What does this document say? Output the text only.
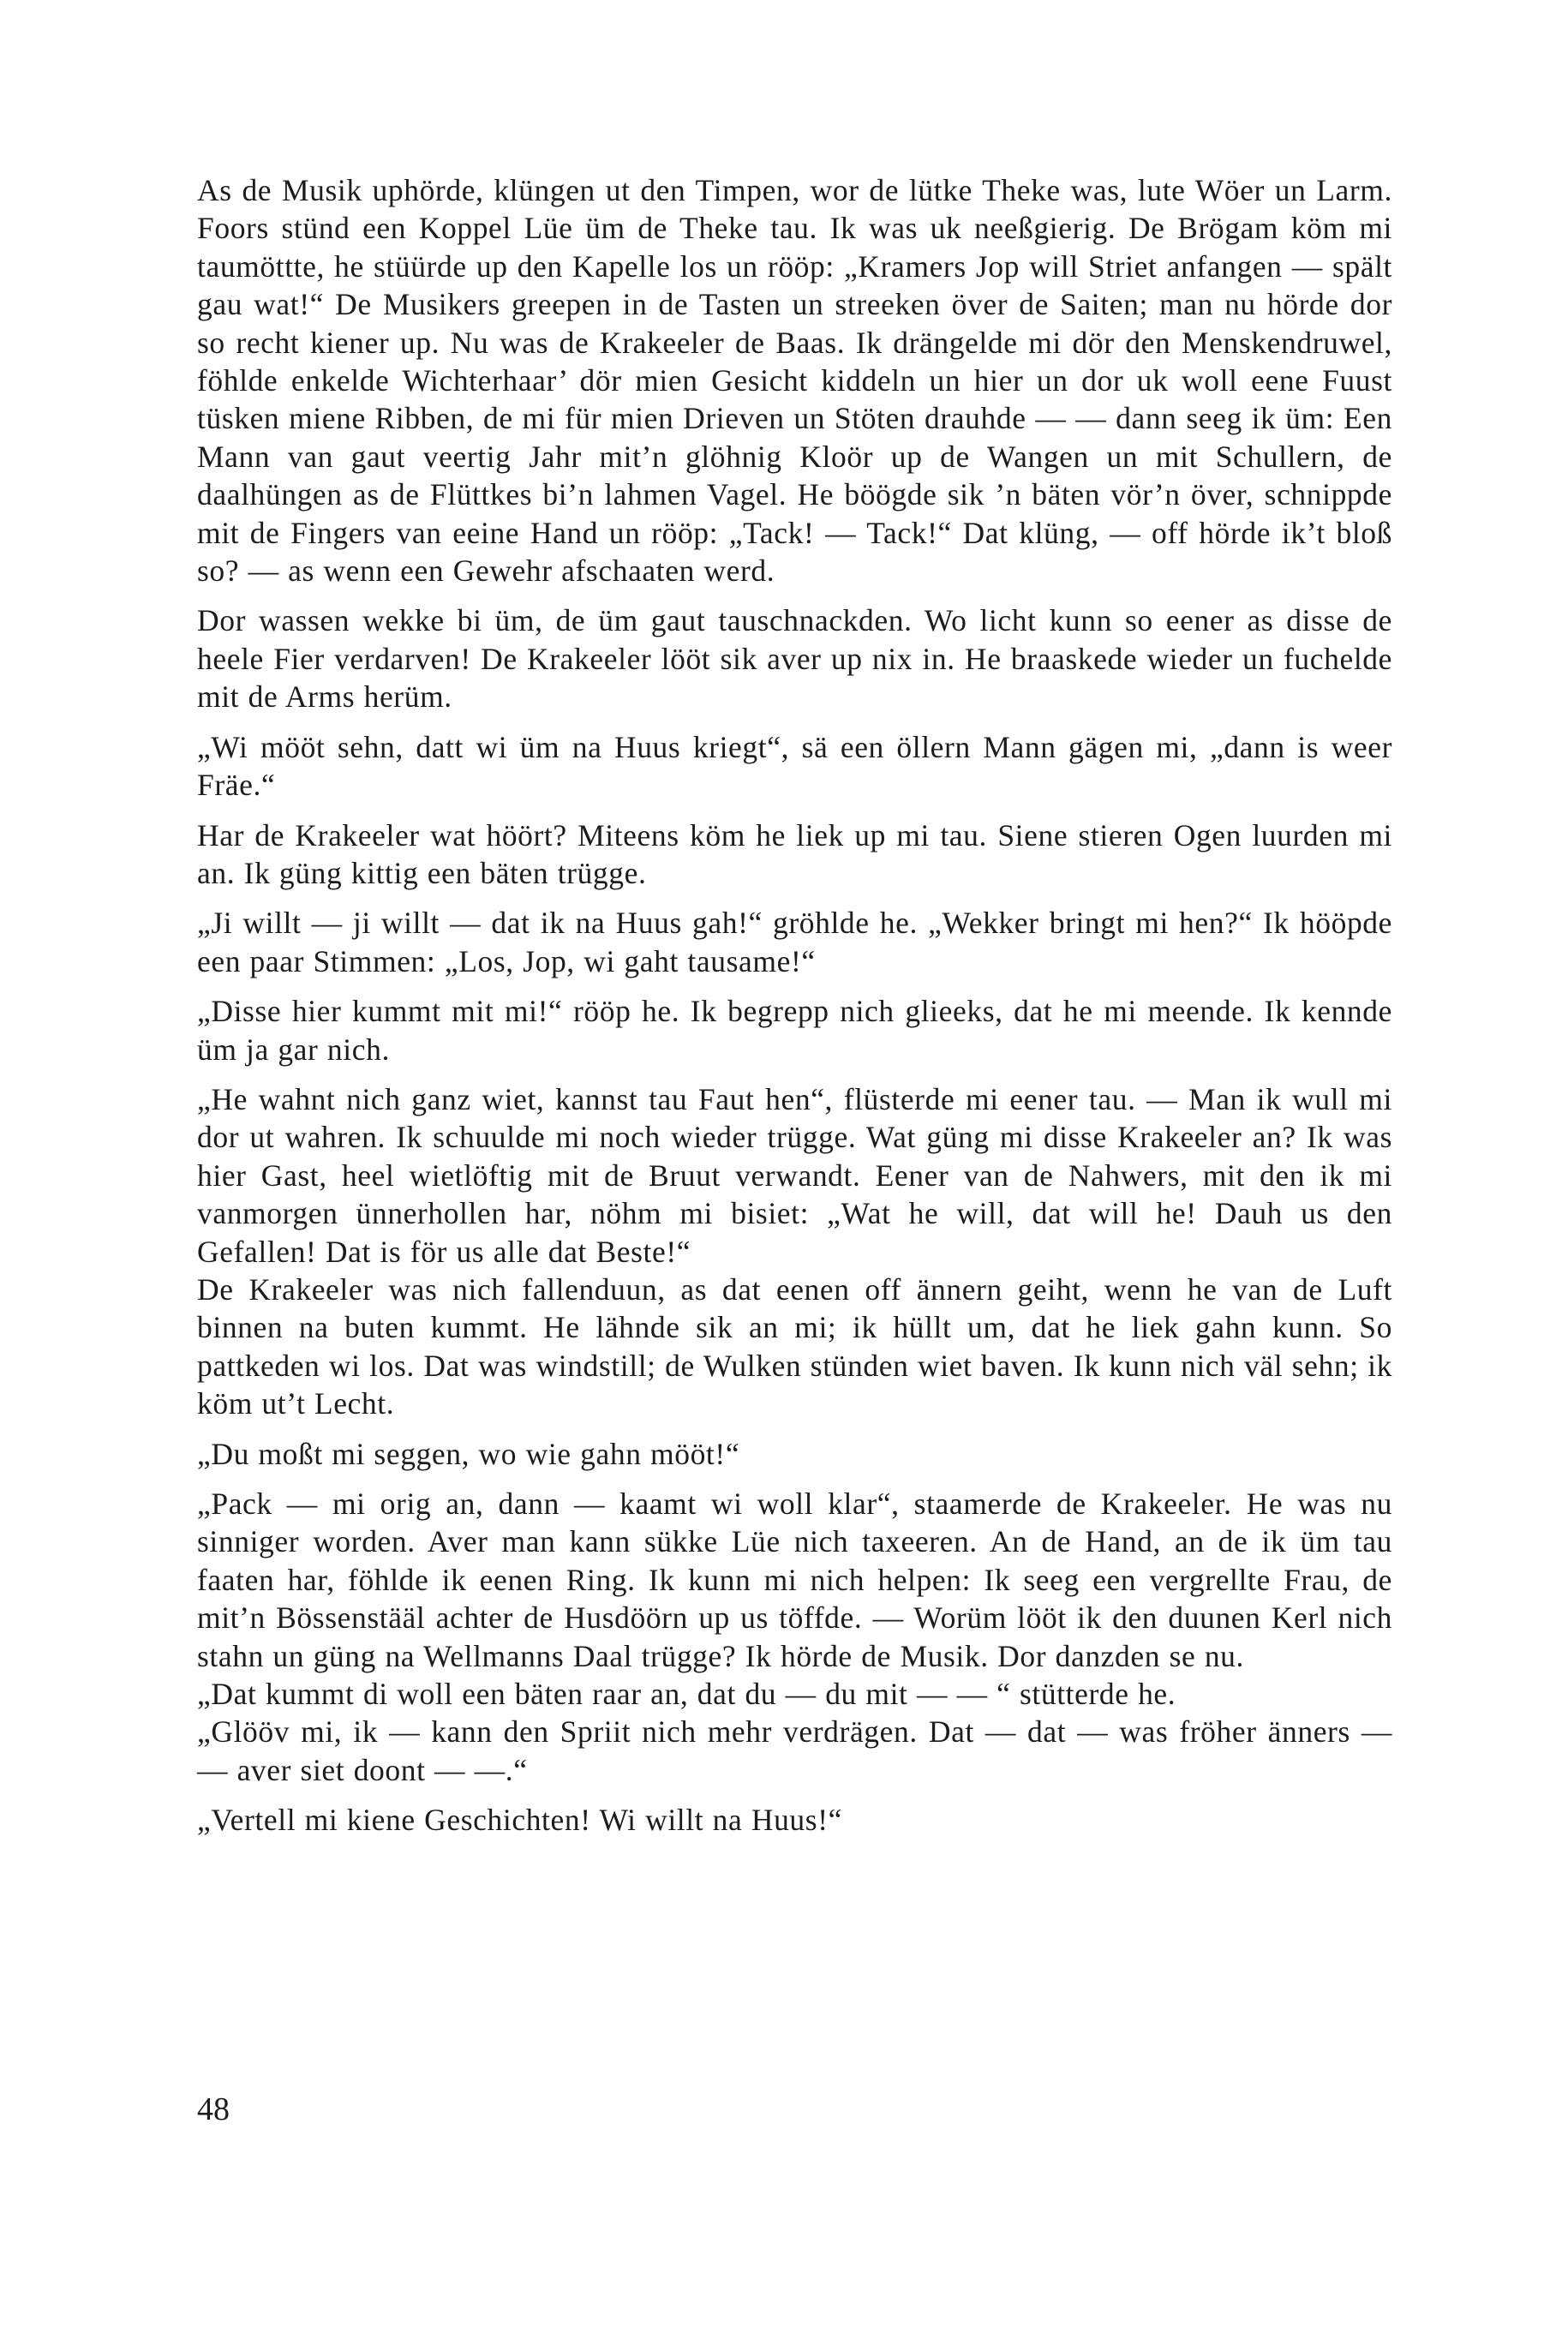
As de Musik uphörde, klüngen ut den Timpen, wor de lütke Theke was, lute Wöer un Larm. Foors stünd een Koppel Lüe üm de Theke tau. Ik was uk neeßgierig. De Brögam köm mi taumöttte, he stüürde up den Kapelle los un rööp: „Kramers Jop will Striet anfangen — spält gau wat!“ De Musikers greepen in de Tasten un streeken över de Saiten; man nu hörde dor so recht kiener up. Nu was de Krakeeler de Baas. Ik drängelde mi dör den Menskendruwel, föhlde enkelde Wichterhaar’ dör mien Gesicht kiddeln un hier un dor uk woll eene Fuust tüsken miene Ribben, de mi für mien Drieven un Stöten drauhde — — dann seeg ik üm: Een Mann van gaut veertig Jahr mit’n glöhnig Kloör up de Wangen un mit Schullern, de daalhüngen as de Flüttkes bi’n lahmen Vagel. He böögde sik ’n bäten vör’n över, schnippde mit de Fingers van eeine Hand un rööp: „Tack! — Tack!“ Dat klüng, — off hörde ik’t bloß so? — as wenn een Gewehr afschaaten werd.

Dor wassen wekke bi üm, de üm gaut tauschnackden. Wo licht kunn so eener as disse de heele Fier verdarven! De Krakeeler lööt sik aver up nix in. He braaskede wieder un fuchelde mit de Arms herüm.

„Wi mööt sehn, datt wi üm na Huus kriegt“, sä een öllern Mann gägen mi, „dann is weer Fräe.“

Har de Krakeeler wat höört? Miteens köm he liek up mi tau. Siene stieren Ogen luurden mi an. Ik güng kittig een bäten trügge.

„Ji willt — ji willt — dat ik na Huus gah!“ gröhlde he. „Wekker bringt mi hen?“ Ik hööрde een paar Stimmen: „Los, Jop, wi gaht tausame!“

„Disse hier kummt mit mi!“ rööp he. Ik begrepp nich glieeks, dat he mi meende. Ik kennde üm ja gar nich.

„He wahnt nich ganz wiet, kannst tau Faut hen“, flüsterde mi eener tau. — Man ik wull mi dor ut wahren. Ik schuulde mi noch wieder trügge. Wat güng mi disse Krakeeler an? Ik was hier Gast, heel wietlöftig mit de Bruut verwandt. Eener van de Nahwers, mit den ik mi vanmorgen ünnerhollen har, nöhm mi bisiet: „Wat he will, dat will he! Dauh us den Gefallen! Dat is för us alle dat Beste!“

De Krakeeler was nich fallenduun, as dat eenen off ännern geiht, wenn he van de Luft binnen na buten kummt. He lähnde sik an mi; ik hüllt um, dat he liek gahn kunn. So pattkeden wi los. Dat was windstill; de Wulken stünden wiet baven. Ik kunn nich väl sehn; ik köm ut’t Lecht.

„Du moßt mi seggen, wo wie gahn mööt!“

„Pack — mi orig an, dann — kaamt wi woll klar“, staamerde de Krakeeler. He was nu sinniger worden. Aver man kann sükke Lüe nich taxeeren. An de Hand, an de ik üm tau faaten har, föhlde ik eenen Ring. Ik kunn mi nich helpen: Ik seeg een vergrellte Frau, de mit’n Bössenstääl achter de Husdöörn up us töffde. — Worüm lööt ik den duunen Kerl nich stahn un güng na Wellmanns Daal trügge? Ik hörde de Musik. Dor danzden se nu.

„Dat kummt di woll een bäten raar an, dat du — du mit — — “ stütterde he.

„Glööv mi, ik — kann den Spriit nich mehr verdrägen. Dat — dat — was fröher änners — — aver siet doont — —.“

„Vertell mi kiene Geschichten! Wi willt na Huus!“

48
